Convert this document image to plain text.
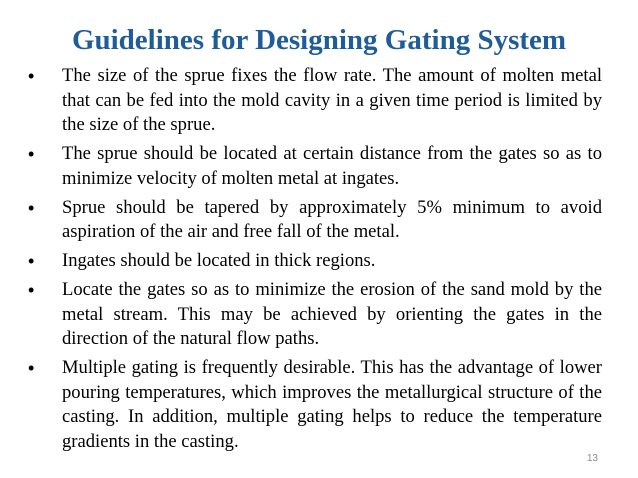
Guidelines for Designing Gating System
• The size of the sprue fixes the flow rate. The amount of molten metal that can be fed into the mold cavity in a given time period is limited by the size of the sprue.
• The sprue should be located at certain distance from the gates so as to minimize velocity of molten metal at ingates.
• Sprue should be tapered by approximately 5% minimum to avoid aspiration of the air and free fall of the metal.
• Ingates should be located in thick regions.
• Locate the gates so as to minimize the erosion of the sand mold by the metal stream. This may be achieved by orienting the gates in the direction of the natural flow paths.
• Multiple gating is frequently desirable. This has the advantage of lower pouring temperatures, which improves the metallurgical structure of the casting. In addition, multiple gating helps to reduce the temperature gradients in the casting.
13
